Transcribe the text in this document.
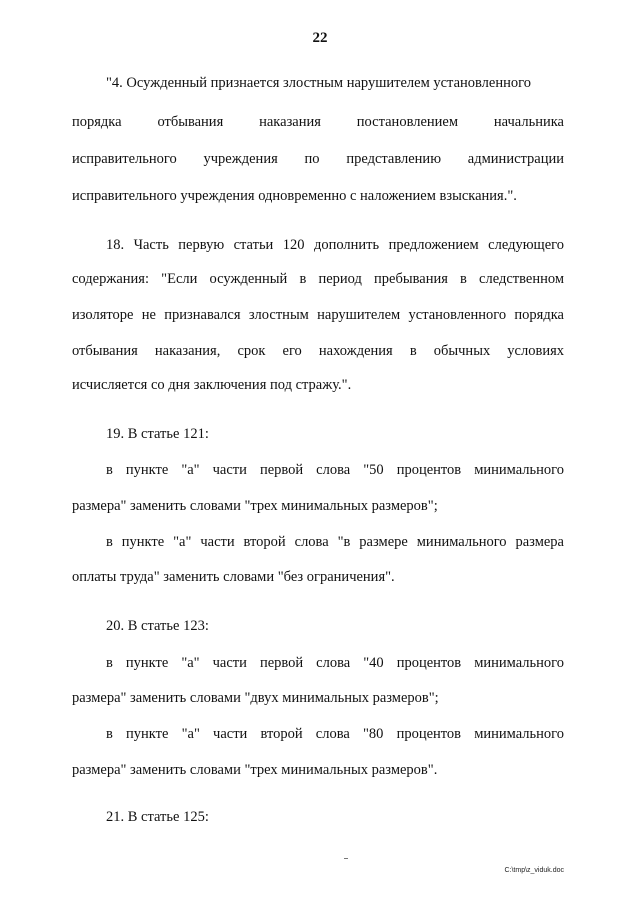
22
"4. Осужденный признается злостным нарушителем установленного
порядка отбывания наказания постановлением начальника
исправительного учреждения по представлению администрации
исправительного учреждения одновременно с наложением взыскания.".
18. Часть первую статьи 120 дополнить предложением следующего
содержания: "Если осужденный в период пребывания в следственном
изоляторе не признавался злостным нарушителем установленного порядка
отбывания наказания, срок его нахождения в обычных условиях
исчисляется со дня заключения под стражу.".
19. В статье 121:
в пункте "а" части первой слова "50 процентов минимального
размера" заменить словами "трех минимальных размеров";
в пункте "а" части второй слова "в размере минимального размера
оплаты труда" заменить словами "без ограничения".
20. В статье 123:
в пункте "а" части первой слова "40 процентов минимального
размера" заменить словами "двух минимальных размеров";
в пункте "а" части второй слова "80 процентов минимального
размера" заменить словами "трех минимальных размеров".
21. В статье 125:
C:\tmp\z_viduk.doc
